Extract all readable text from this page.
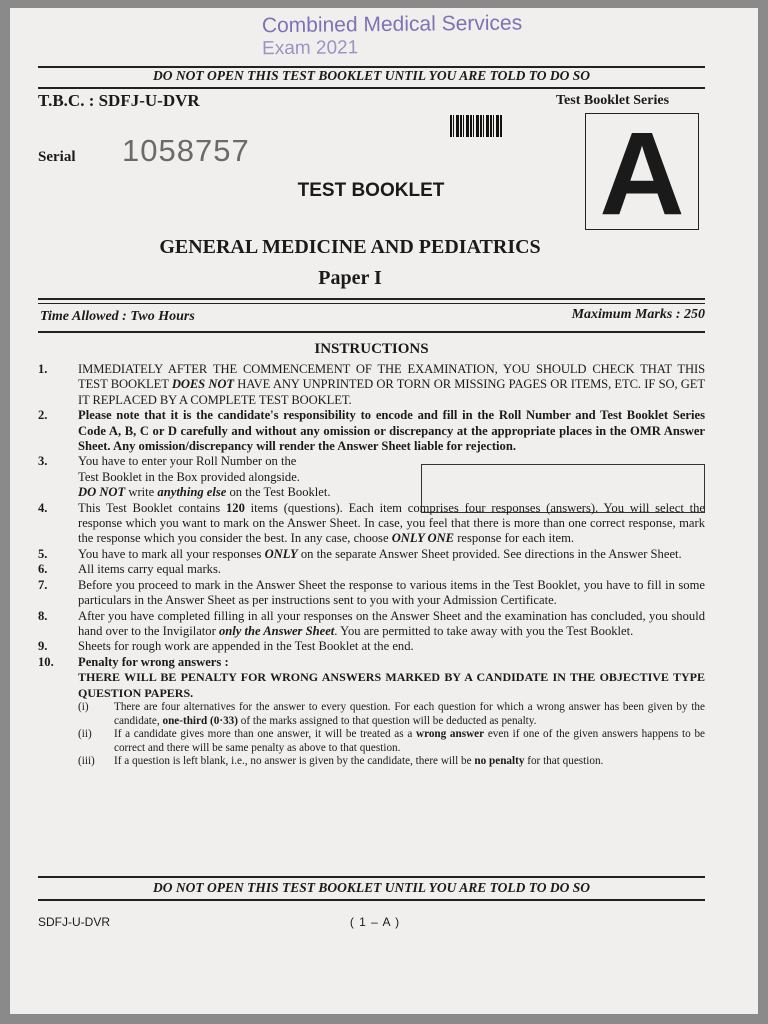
Combined Medical Services
Exam 2021
DO NOT OPEN THIS TEST BOOKLET UNTIL YOU ARE TOLD TO DO SO
T.B.C. : SDFJ-U-DVR	Test Booklet Series
A
Serial 1058757
TEST BOOKLET
GENERAL MEDICINE AND PEDIATRICS
Paper I
Time Allowed : Two Hours	Maximum Marks : 250
INSTRUCTIONS
1.	IMMEDIATELY AFTER THE COMMENCEMENT OF THE EXAMINATION, YOU SHOULD CHECK THAT THIS TEST BOOKLET DOES NOT HAVE ANY UNPRINTED OR TORN OR MISSING PAGES OR ITEMS, ETC. IF SO, GET IT REPLACED BY A COMPLETE TEST BOOKLET.
2.	Please note that it is the candidate's responsibility to encode and fill in the Roll Number and Test Booklet Series Code A, B, C or D carefully and without any omission or discrepancy at the appropriate places in the OMR Answer Sheet. Any omission/discrepancy will render the Answer Sheet liable for rejection.
3.	You have to enter your Roll Number on the
Test Booklet in the Box provided alongside.
DO NOT write anything else on the Test Booklet.
4.	This Test Booklet contains 120 items (questions). Each item comprises four responses (answers). You will select the response which you want to mark on the Answer Sheet. In case, you feel that there is more than one correct response, mark the response which you consider the best. In any case, choose ONLY ONE response for each item.
5.	You have to mark all your responses ONLY on the separate Answer Sheet provided. See directions in the Answer Sheet.
6.	All items carry equal marks.
7.	Before you proceed to mark in the Answer Sheet the response to various items in the Test Booklet, you have to fill in some particulars in the Answer Sheet as per instructions sent to you with your Admission Certificate.
8.	After you have completed filling in all your responses on the Answer Sheet and the examination has concluded, you should hand over to the Invigilator only the Answer Sheet. You are permitted to take away with you the Test Booklet.
9.	Sheets for rough work are appended in the Test Booklet at the end.
10.	Penalty for wrong answers :
THERE WILL BE PENALTY FOR WRONG ANSWERS MARKED BY A CANDIDATE IN THE OBJECTIVE TYPE QUESTION PAPERS.
(i)	There are four alternatives for the answer to every question. For each question for which a wrong answer has been given by the candidate, one-third (0·33) of the marks assigned to that question will be deducted as penalty.
(ii)	If a candidate gives more than one answer, it will be treated as a wrong answer even if one of the given answers happens to be correct and there will be same penalty as above to that question.
(iii)	If a question is left blank, i.e., no answer is given by the candidate, there will be no penalty for that question.
DO NOT OPEN THIS TEST BOOKLET UNTIL YOU ARE TOLD TO DO SO
SDFJ-U-DVR	( 1 – A )
